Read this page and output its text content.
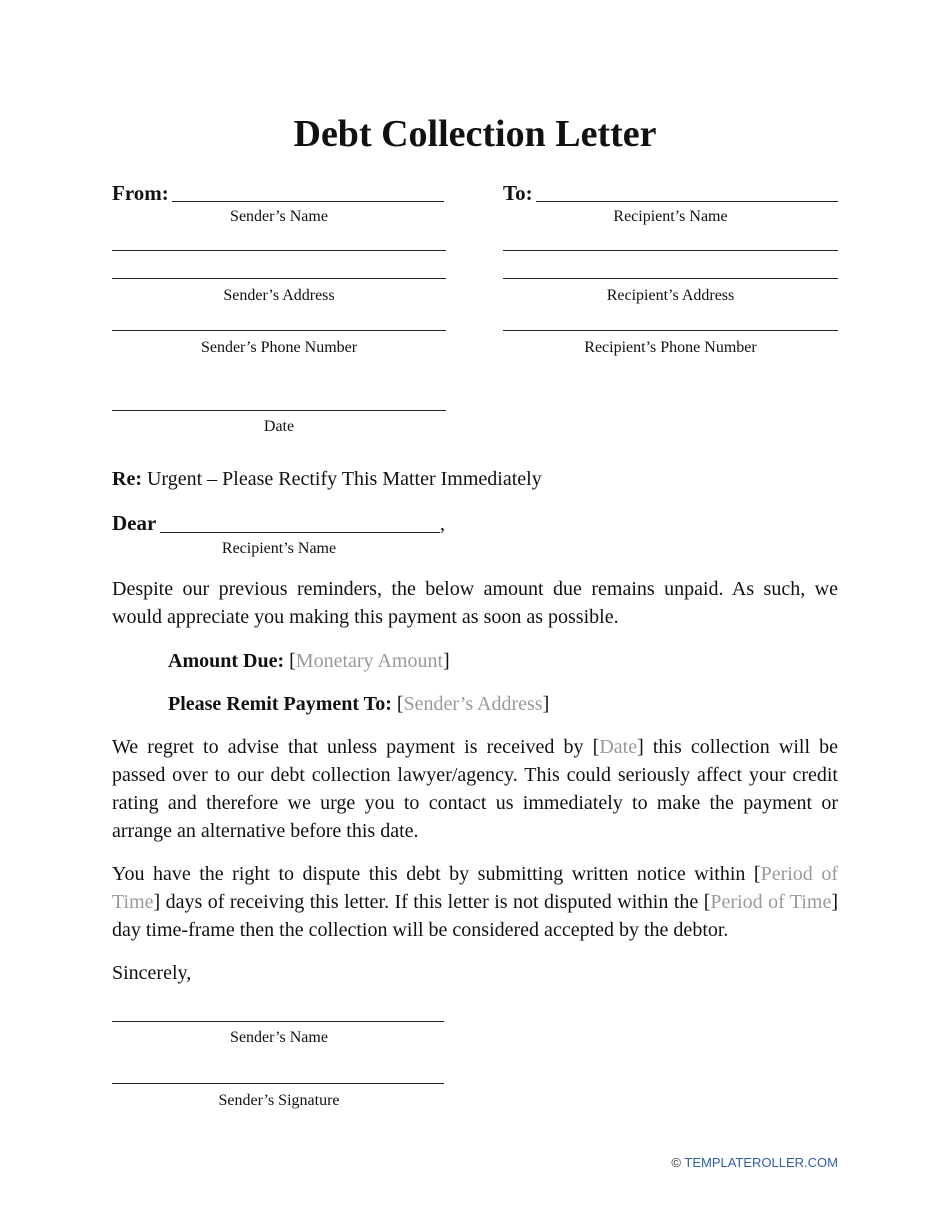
Debt Collection Letter
From:
Sender’s Name
Sender’s Address
Sender’s Phone Number
Date
To:
Recipient’s Name
Recipient’s Address
Recipient’s Phone Number
Re: Urgent – Please Rectify This Matter Immediately
Dear	,
Recipient’s Name
Despite our previous reminders, the below amount due remains unpaid. As such, we would appreciate you making this payment as soon as possible.
Amount Due: [Monetary Amount]
Please Remit Payment To: [Sender’s Address]
We regret to advise that unless payment is received by [Date] this collection will be passed over to our debt collection lawyer/agency. This could seriously affect your credit rating and therefore we urge you to contact us immediately to make the payment or arrange an alternative before this date.
You have the right to dispute this debt by submitting written notice within [Period of Time] days of receiving this letter. If this letter is not disputed within the [Period of Time] day time-frame then the collection will be considered accepted by the debtor.
Sincerely,
Sender’s Name
Sender’s Signature
© TEMPLATEROLLER.COM
